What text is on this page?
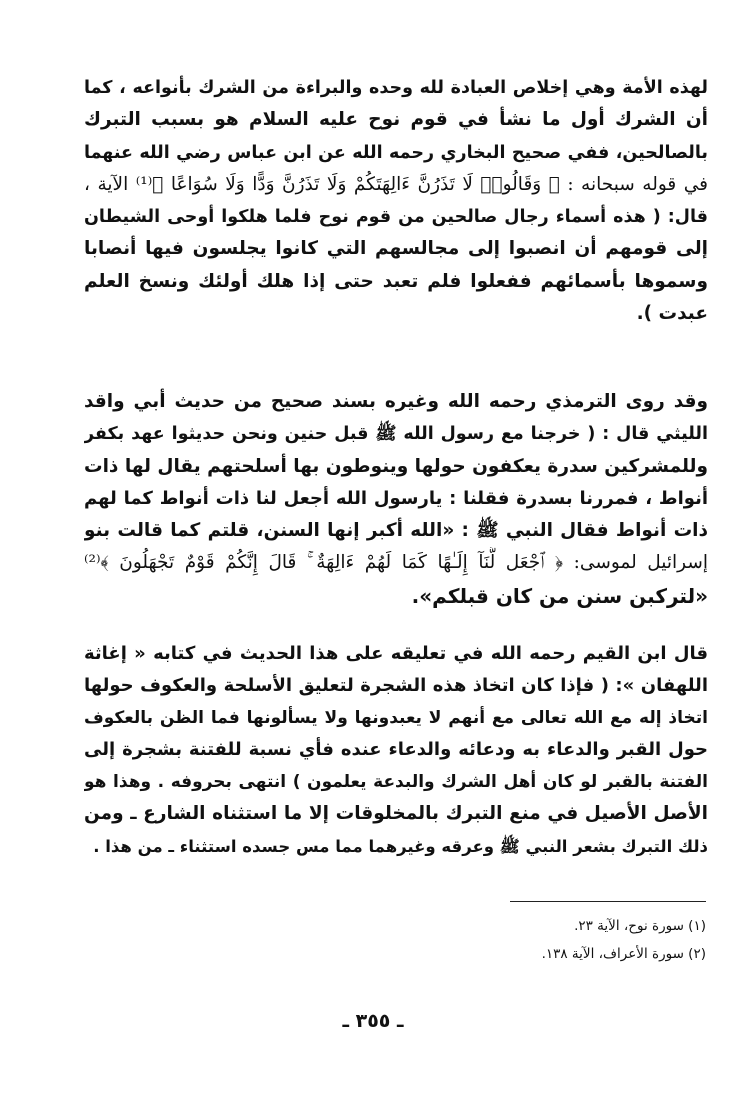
لهذه الأمة وهي إخلاص العبادة لله وحده والبراءة من الشرك بأنواعه ، كما
أن الشرك أول ما نشأ في قوم نوح عليه السلام هو بسبب التبرك
بالصالحين، ففي صحيح البخاري رحمه الله عن ابن عباس رضي الله عنهما
في قوله سبحانه : ﴿ وَقَالُوا۟ لَا تَذَرُنَّ ءَالِهَتَكُمْ وَلَا تَذَرُنَّ وَدًّا وَلَا سُوَاعًا ﴾⁽¹⁾ الآية ،
قال: ( هذه أسماء رجال صالحين من قوم نوح فلما هلكوا أوحى الشيطان
إلى قومهم أن انصبوا إلى مجالسهم التي كانوا يجلسون فيها أنصابا
وسموها بأسمائهم ففعلوا فلم تعبد حتى إذا هلك أولئك ونسخ العلم
عبدت ).
وقد روى الترمذي رحمه الله وغيره بسند صحيح من حديث أبي واقد
الليثي قال : ( خرجنا مع رسول الله ﷺ قبل حنين ونحن حديثوا عهد بكفر
وللمشركين سدرة يعكفون حولها وينوطون بها أسلحتهم يقال لها ذات
أنواط ، فمررنا بسدرة فقلنا : يارسول الله أجعل لنا ذات أنواط كما لهم
ذات أنواط فقال النبي ﷺ : «الله أكبر إنها السنن، قلتم كما قالت بنو
إسرائيل لموسى: ﴿ ٱجْعَل لَّنَآ إِلَـٰهًا كَمَا لَهُمْ ءَالِهَةٌ ۚ قَالَ إِنَّكُمْ قَوْمٌ تَجْهَلُونَ ﴾⁽²⁾
«لتركبن سنن من كان قبلكم».
قال ابن القيم رحمه الله في تعليقه على هذا الحديث في كتابه « إغاثة
اللهفان »: ( فإذا كان اتخاذ هذه الشجرة لتعليق الأسلحة والعكوف حولها
اتخاذ إله مع الله تعالى مع أنهم لا يعبدونها ولا يسألونها فما الظن بالعكوف
حول القبر والدعاء به ودعائه والدعاء عنده فأي نسبة للفتنة بشجرة إلى
الفتنة بالقبر لو كان أهل الشرك والبدعة يعلمون ) انتهى بحروفه . وهذا هو
الأصل الأصيل في منع التبرك بالمخلوقات إلا ما استثناه الشارع ـ ومن
ذلك التبرك بشعر النبي ﷺ وعرقه وغيرهما مما مس جسده استثناء ـ من هذا .
(١) سورة نوح، الآية ٢٣.
(٢) سورة الأعراف، الآية ١٣٨.
ـ ٣٥٥ ـ
